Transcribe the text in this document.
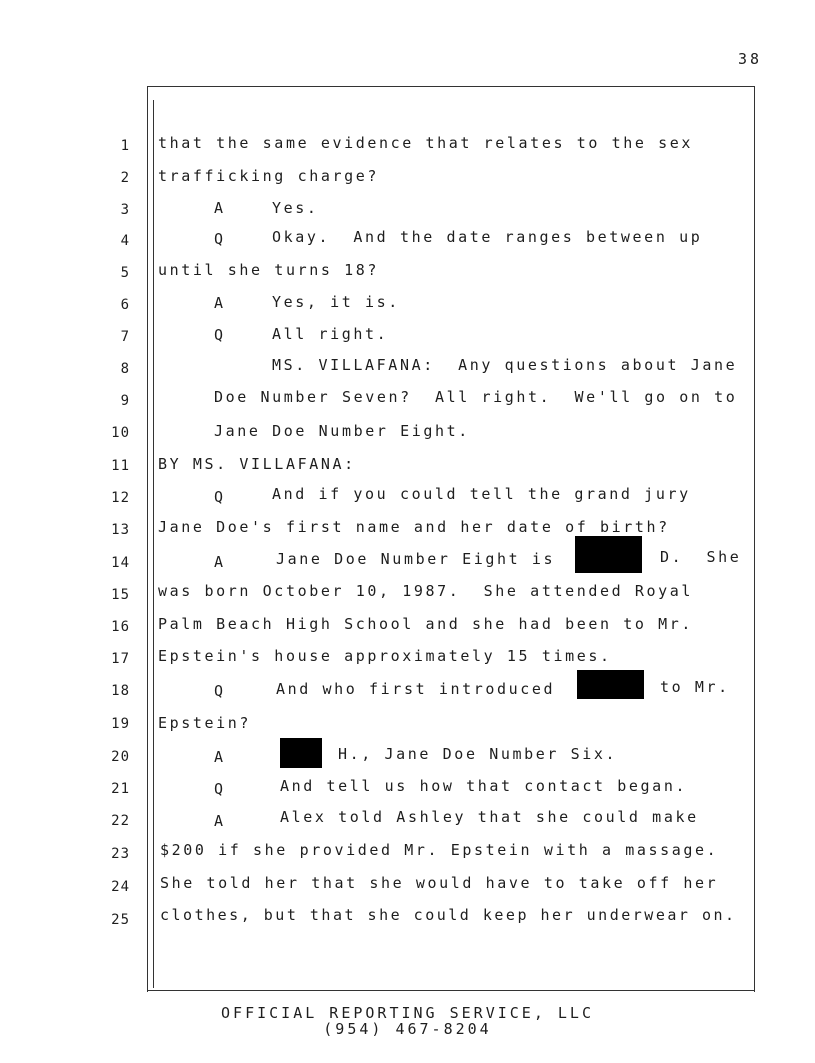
38
1 that the same evidence that relates to the sex
2 trafficking charge?
3	A	Yes.
4	Q	Okay.  And the date ranges between up
5 until she turns 18?
6	A	Yes, it is.
7	Q	All right.
8	MS. VILLAFANA:  Any questions about Jane
9	Doe Number Seven?  All right.  We'll go on to
10	Jane Doe Number Eight.
11 BY MS. VILLAFANA:
12	Q	And if you could tell the grand jury
13 Jane Doe's first name and her date of birth?
14	A	Jane Doe Number Eight is	D.  She
15 was born October 10, 1987.  She attended Royal
16 Palm Beach High School and she had been to Mr.
17 Epstein's house approximately 15 times.
18	Q	And who first introduced	to Mr.
19 Epstein?
20	A	H., Jane Doe Number Six.
21	Q	And tell us how that contact began.
22	A	Alex told Ashley that she could make
23 $200 if she provided Mr. Epstein with a massage.
24 She told her that she would have to take off her
25 clothes, but that she could keep her underwear on.
OFFICIAL REPORTING SERVICE, LLC
(954) 467-8204
